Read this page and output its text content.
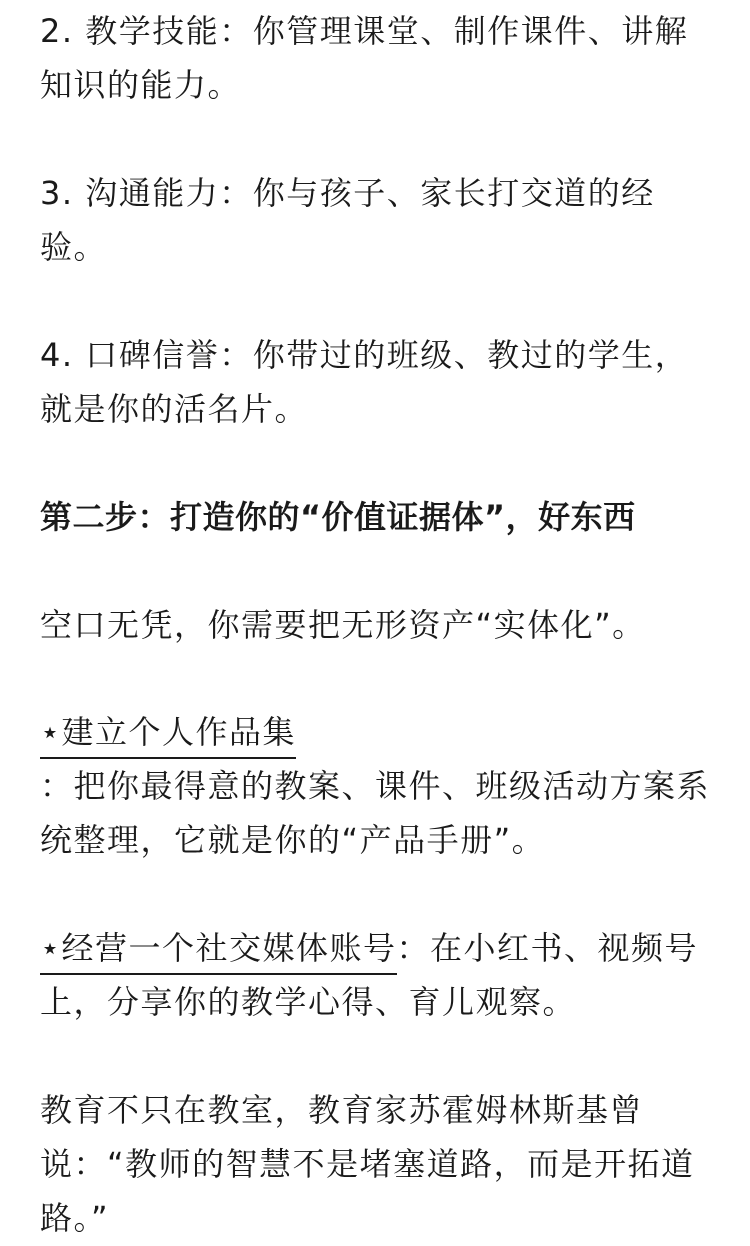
2. 教学技能：你管理课堂、制作课件、讲解知识的能力。

3. 沟通能力：你与孩子、家长打交道的经验。

4. 口碑信誉：你带过的班级、教过的学生，就是你的活名片。

第二步：打造你的“价值证据体”，好东西

空口无凭，你需要把无形资产“实体化”。

⋆建立个人作品集

：把你最得意的教案、课件、班级活动方案系统整理，它就是你的“产品手册”。

⋆经营一个社交媒体账号：在小红书、视频号上，分享你的教学心得、育儿观察。

教育不只在教室，教育家苏霍姆林斯基曾说：“教师的智慧不是堵塞道路，而是开拓道路。”
